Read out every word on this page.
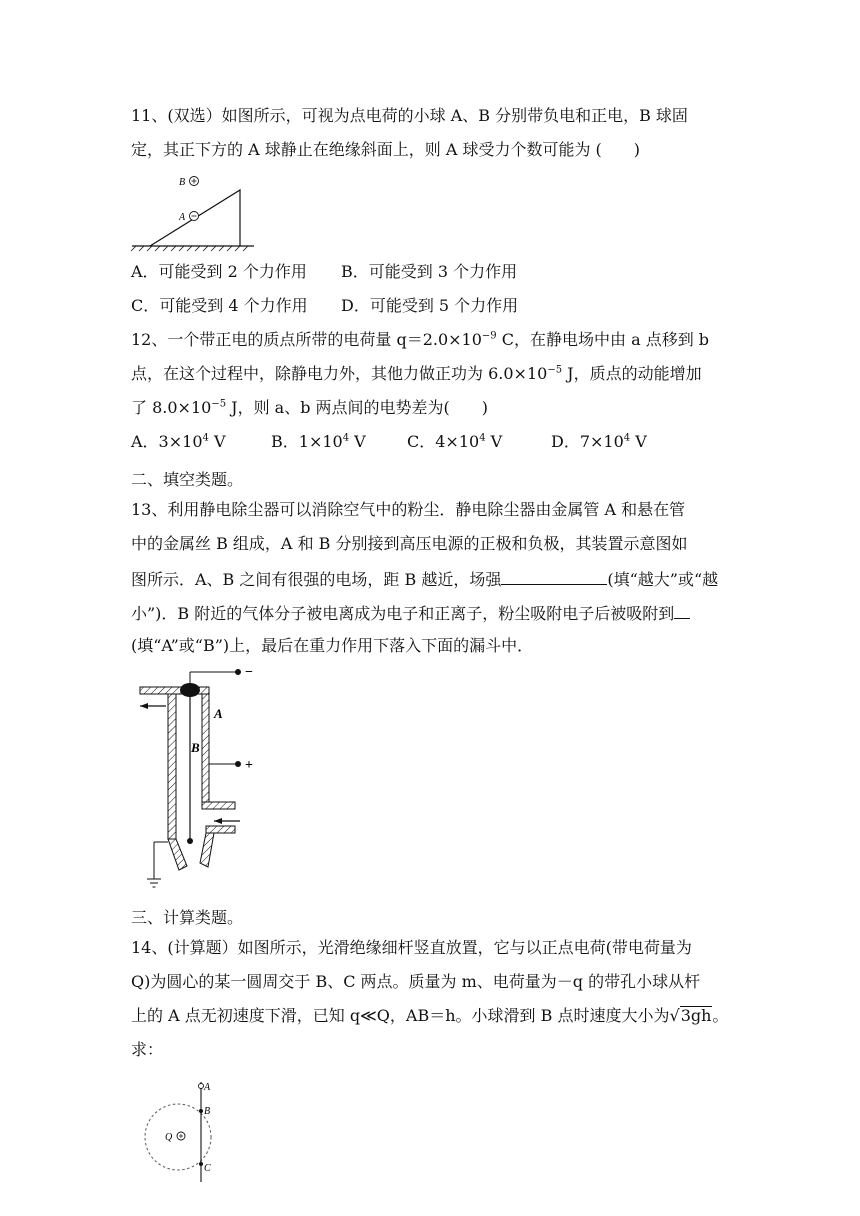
11、(双选）如图所示，可视为点电荷的小球 A、B 分别带负电和正电，B 球固
定，其正下方的 A 球静止在绝缘斜面上，则 A 球受力个数可能为 (　　)
B
A
A．可能受到 2 个力作用 B．可能受到 3 个力作用
C．可能受到 4 个力作用 D．可能受到 5 个力作用
12、一个带正电的质点所带的电荷量 $q=2.0\times 10^{-9}$ C，在静电场中由 a 点移到 b
点，在这个过程中，除静电力外，其他力做正功为 $6.0\times 10^{-5}$ J，质点的动能增加
了 $8.0\times 10^{-5}$ J，则 a、b 两点间的电势差为(　　)
A．$3\times 10^4$ V	B．$1\times 10^4$ V	C．$4\times 10^4$ V	D．$7\times 10^4$ V
二、填空类题。
13、利用静电除尘器可以消除空气中的粉尘．静电除尘器由金属管 A 和悬在管
中的金属丝 B 组成，A 和 B 分别接到高压电源的正极和负极，其装置示意图如
图所示．A、B 之间有很强的电场，距 B 越近，场强	(填“越大”或“越
小”)．B 附近的气体分子被电离成为电子和正离子，粉尘吸附电子后被吸附到
(填“A”或“B”)上，最后在重力作用下落入下面的漏斗中．
A
B
−
+
三、计算类题。
14、(计算题）如图所示，光滑绝缘细杆竖直放置，它与以正点电荷(带电荷量为
Q)为圆心的某一圆周交于 B、C 两点。质量为 m、电荷量为－q 的带孔小球从杆
上的 A 点无初速度下滑，已知 q≪Q，AB＝h。小球滑到 B 点时速度大小为√3gh。
求：
A
B
C
Q
